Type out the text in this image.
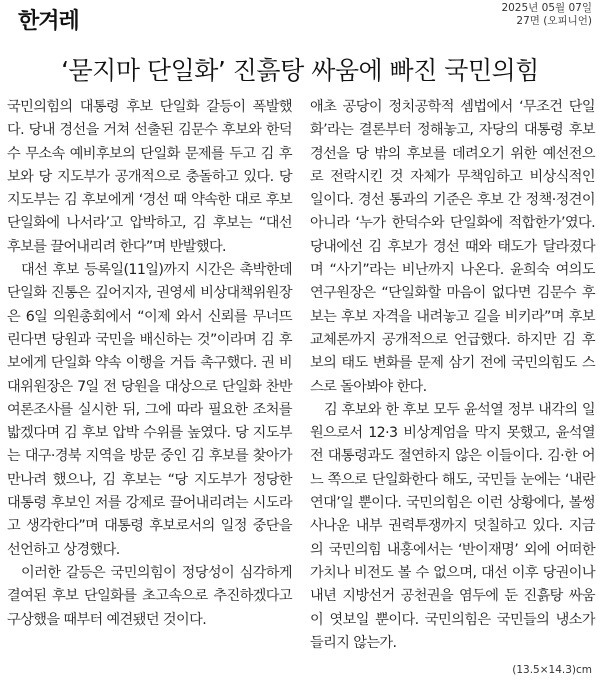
한겨레
2025년 05월 07일
27면 (오피니언)
‘묻지마 단일화’ 진흙탕 싸움에 빠진 국민의힘

국민의힘의 대통령 후보 단일화 갈등이 폭발했다. 당내 경선을 거쳐 선출된 김문수 후보와 한덕수 무소속 예비후보의 단일화 문제를 두고 김 후보와 당 지도부가 공개적으로 충돌하고 있다. 당 지도부는 김 후보에게 ‘경선 때 약속한 대로 후보 단일화에 나서라’고 압박하고, 김 후보는 “대선 후보를 끌어내리려 한다”며 반발했다.

대선 후보 등록일(11일)까지 시간은 촉박한데 단일화 진통은 깊어지자, 권영세 비상대책위원장은 6일 의원총회에서 “이제 와서 신뢰를 무너뜨린다면 당원과 국민을 배신하는 것”이라며 김 후보에게 단일화 약속 이행을 거듭 촉구했다. 권 비대위원장은 7일 전 당원을 대상으로 단일화 찬반 여론조사를 실시한 뒤, 그에 따라 필요한 조처를 밟겠다며 김 후보 압박 수위를 높였다. 당 지도부는 대구·경북 지역을 방문 중인 김 후보를 찾아가 만나려 했으나, 김 후보는 “당 지도부가 정당한 대통령 후보인 저를 강제로 끌어내리려는 시도라고 생각한다”며 대통령 후보로서의 일정 중단을 선언하고 상경했다.

이러한 갈등은 국민의힘이 정당성이 심각하게 결여된 후보 단일화를 초고속으로 추진하겠다고 구상했을 때부터 예견됐던 것이다.

애초 공당이 정치공학적 셈법에서 ‘무조건 단일화’라는 결론부터 정해놓고, 자당의 대통령 후보 경선을 당 밖의 후보를 데려오기 위한 예선전으로 전락시킨 것 자체가 무책임하고 비상식적인 일이다. 경선 통과의 기준은 후보 간 정책·정견이 아니라 ‘누가 한덕수와 단일화에 적합한가’였다. 당내에선 김 후보가 경선 때와 태도가 달라졌다며 “사기”라는 비난까지 나온다. 윤희숙 여의도연구원장은 “단일화할 마음이 없다면 김문수 후보는 후보 자격을 내려놓고 길을 비키라”며 후보 교체론까지 공개적으로 언급했다. 하지만 김 후보의 태도 변화를 문제 삼기 전에 국민의힘도 스스로 돌아봐야 한다.

김 후보와 한 후보 모두 윤석열 정부 내각의 일원으로서 12·3 비상계엄을 막지 못했고, 윤석열 전 대통령과도 절연하지 않은 이들이다. 김·한 어느 쪽으로 단일화한다 해도, 국민들 눈에는 ‘내란 연대’일 뿐이다. 국민의힘은 이런 상황에다, 볼썽사나운 내부 권력투쟁까지 덧칠하고 있다. 지금의 국민의힘 내홍에서는 ‘반이재명’ 외에 어떠한 가치나 비전도 볼 수 없으며, 대선 이후 당권이나 내년 지방선거 공천권을 염두에 둔 진흙탕 싸움이 엿보일 뿐이다. 국민의힘은 국민들의 냉소가 들리지 않는가.

(13.5×14.3)cm
